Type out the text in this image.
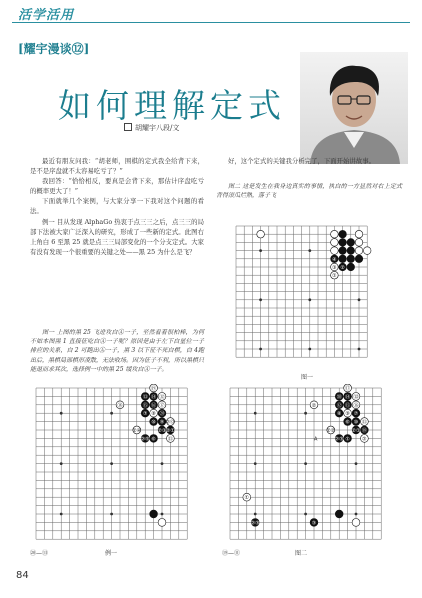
活学活用
[耀宇漫谈⑫]
如何理解定式
胡耀宇八段/文

最近有朋友问我：“胡老师，围棋的定式我全给背下来，是不是序盘就不太容易吃亏了？”

我回答：“恰恰相反，要真是会背下来，那估计序盘吃亏的概率更大了！”

下面就举几个案例，与大家分享一下我对这个问题的看法。

例一 目从发现 AlphaGo 热衷于点三三之后，点三三的局部下法被大家广泛深入的研究，形成了一些新的定式。此图右上角白 6 至黑 25 就是点三三局部变化的一个分支定式。大家有没有发现一个很重要的关键之处——黑 25 为什么是飞？

图一 上图的黑 25 飞进攻白Ⓐ一子，至然看着很柏棒，为何不如本图黑 1 直接征吃白Ⓐ一子呢？原因是由于左下白星位一子排应的关系，白 2 可跑出Ⓐ一子，黑 3 以下征不死白棋，白 4跑出后，黑棋局部棋形凌散，无法收场。因为征子不利，所以黑棋只能退而求其次，选择例一中的黑 25 缓攻白Ⓐ一子。

好，这个定式的关键我分析完了，下面开始讲故事。

图二 这是发生在我身边真实的事情，执白的一方显然对右上定式背得滚瓜烂熟，落子飞

④
③ ②
①
图一
⑲
⑬ ⑭ ⑫
⑮ ⑯ ⑰
⑳
⑦ ⑧
⑨
⑩ ②⓪
②①
②③
②④
②⑤ ⑥ ⑪
⑱
⑳—⑬	例一
⑰
⑳ ⑭ ⑬
⑫ ⑮ ⑯
⑦
⑧ ⑨
⑩
⑥ ⑪
⑱
②①
②②
②③ ① ②
②
①
②③	③
A
⑲—⑪	图二
84
